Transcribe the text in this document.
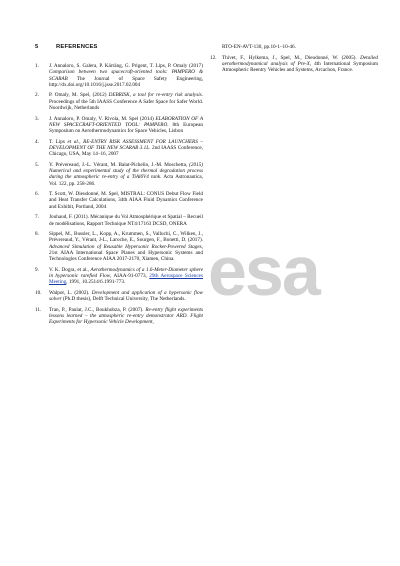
esa
5	REFERENCES
1.	J. Annaloro, S. Galera, P. Kärräng, G. Prigent, T. Lips, P. Omaly (2017) Comparison between two spacecraft-oriented tools: PAMPERO & SCARAB The Journal of Space Safety Engineering, http://dx.doi.org/10.1016/j.jsse.2017.02.004
2.	P. Omaly, M. Spel, (2012) DEBRISK, a tool for re-entry risk analysis. Proceedings of the 5th IAASS Conference A Safer Space for Safer World. Noordwijk, Netherlands
3.	J. Annaloro, P. Omaly, V. Rivola, M. Spel (2014) ELABORATION OF A NEW SPACECRAFT-ORIENTED TOOL: PAMPERO. 8th European Symposium on Aerothermodynamics for Space Vehicles, Lisbon
4.	T. Lips et al., RE-ENTRY RISK ASSESSMENT FOR LAUNCHERS – DEVELOPMENT OF THE NEW SCARAB 3.1L. 2nd IAASS Conference, Chicago, USA, May 14–16, 2007
5.	Y. Prévereaud, J.-L. Vérant, M. Balat-Pichelin, J.-M. Moschetta, (2015) Numerical and experimental study of the thermal degradation process during the atmospheric re-entry of a TiAl6V4 tank. Acta Astronautica, Vol. 122, pp. 258-286.
6.	T. Scott, W. Dieudonné, M. Spel, MISTRAL: CONUS Debut Flow Field and Heat Transfer Calculations, 34th AIAA Fluid Dynamics Conference and Exhibit, Portland, 2004
7.	Jouhaud, F. (2011). Mécanique du Vol Atmosphérique et Spatial – Recueil de modélisations, Rapport Technique NT4/17163 DCSD, ONERA
8.	Sippel, M., Bussler, L., Kopp, A., Krummen, S., Valluchi, C., Wilken, J., Prévereaud, Y., Vérant, J-L., Laroche, E., Sourgen, F., Bonetti, D. (2017). Advanced Simulation of Reusable Hypersonic Rocket-Powered Stages, 21st AIAA International Space Planes and Hypersonic Systems and Technologies Conference AIAA 2017-2170, Xiamen, China.
9.	V. K. Dogra, et al., Aerothermodynamics of a 1.6-Meter-Diameter sphere in hypersonic rarefied Flow, AIAA-91-0773, 29th Aerospace Sciences Meeting, 1991, 10.2514/6.1991-773.
10.	Walpot, L. (2002). Development and application of a hypersonic flow solver (Ph.D thesis), Delft Technical University, The Netherlands.
11.	Tran, P., Paulat, J.C., Boukhobza, P. (2007). Re-entry flight experiments lessons learned – the atmospheric re-entry demonstrator ARD. Flight Experiments for Hypersonic Vehicle Development,
RTO-EN-AVT-130, pp.10-1–10-46.
12.	Thivet, F., Hylkema, J., Spel, M., Dieudonné, W. (2005). Detailed aerothermodynamical analysis of Pre-X, 4th International Symposium Atmospheric Reentry Vehicles and Systems, Arcachon, France.
